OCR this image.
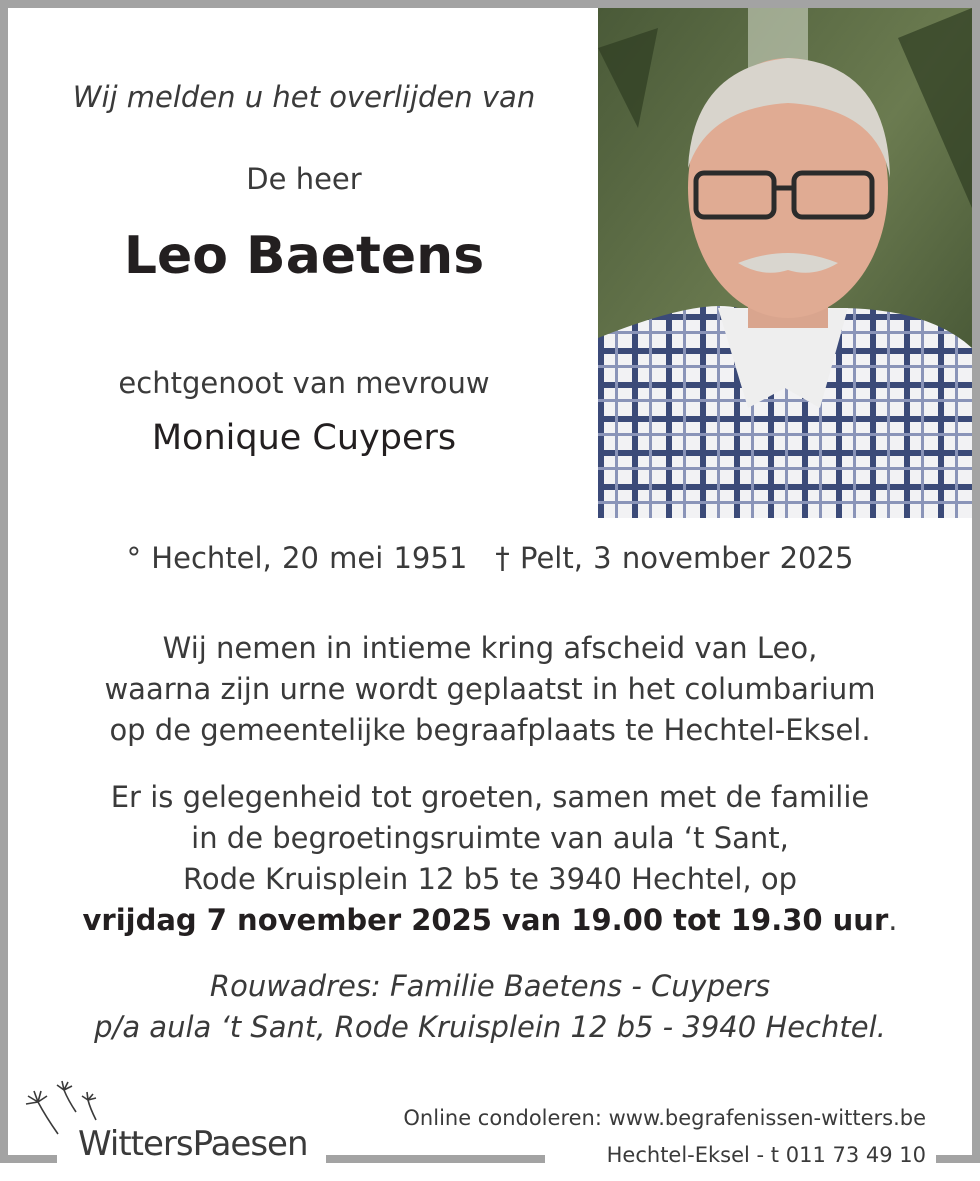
Wij melden u het overlijden van
De heer
Leo Baetens
echtgenoot van mevrouw
Monique Cuypers
° Hechtel, 20 mei 1951 † Pelt, 3 november 2025
Wij nemen in intieme kring afscheid van Leo,
waarna zijn urne wordt geplaatst in het columbarium
op de gemeentelijke begraafplaats te Hechtel-Eksel.
Er is gelegenheid tot groeten, samen met de familie
in de begroetingsruimte van aula ‘t Sant,
Rode Kruisplein 12 b5 te 3940 Hechtel, op
vrijdag 7 november 2025 van 19.00 tot 19.30 uur.
Rouwadres: Familie Baetens - Cuypers
p/a aula ‘t Sant, Rode Kruisplein 12 b5 - 3940 Hechtel.
WittersPaesen
Online condoleren: www.begrafenissen-witters.be
Hechtel-Eksel - t 011 73 49 10
